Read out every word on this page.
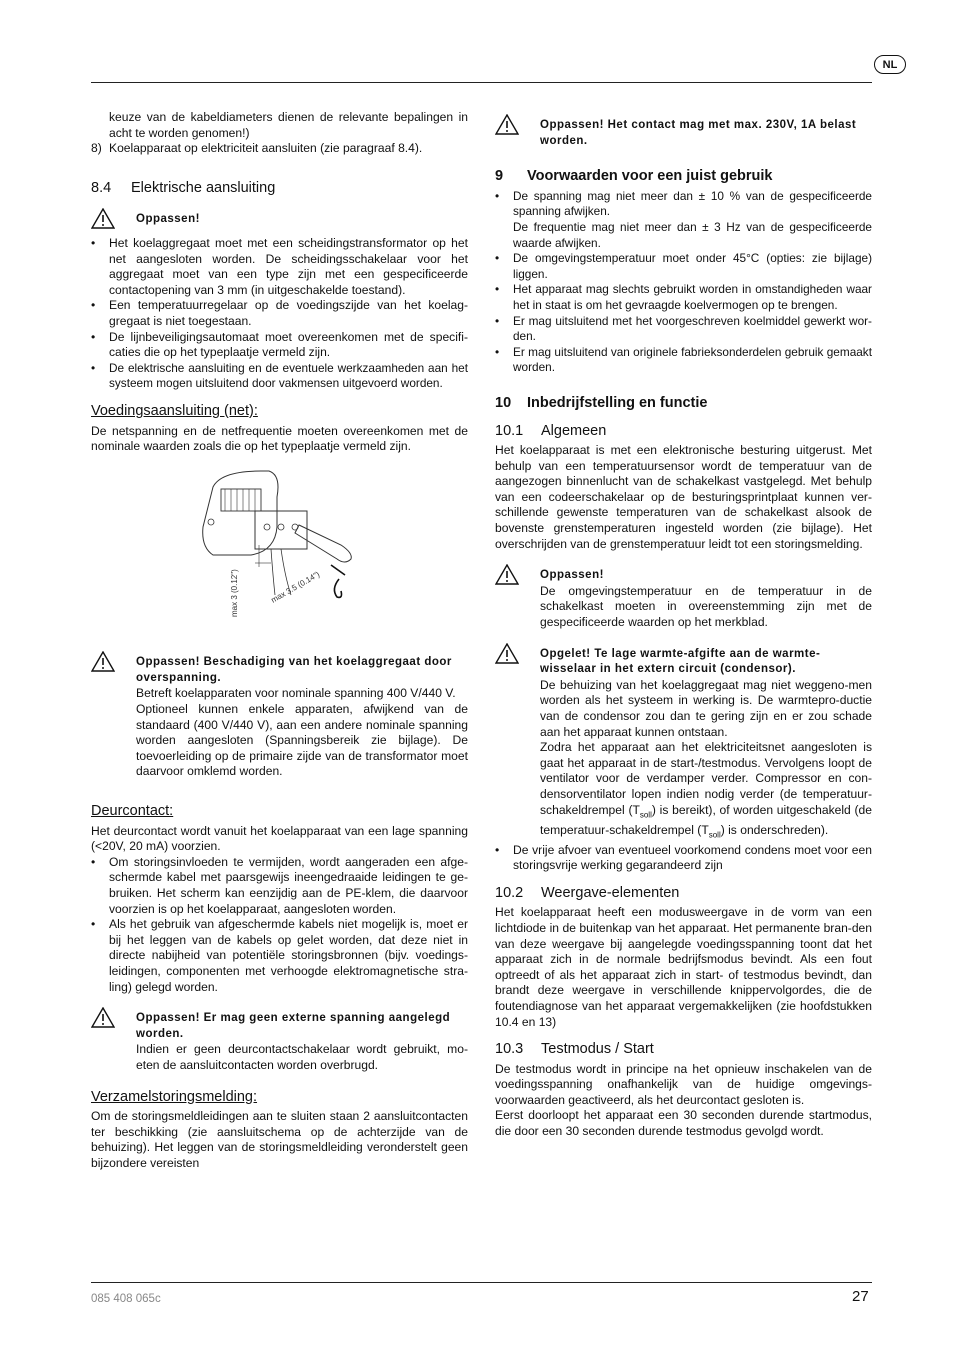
NL

keuze van de kabeldiameters dienen de relevante bepalingen in acht te worden genomen!)

8) Koelapparaat op elektriciteit aansluiten (zie paragraaf 8.4).

8.4 Elektrische aansluiting
Oppassen!
• Het koelaggregaat moet met een scheidingstransformator op het net aangesloten worden. De scheidingsschakelaar voor het aggregaat moet van een type zijn met een gespecificeerde contactopening van 3 mm (in uitgeschakelde toestand).
• Een temperatuurregelaar op de voedingszijde van het koelag-gregaat is niet toegestaan.
• De lijnbeveiligingsautomaat moet overeenkomen met de specifi-caties die op het typeplaatje vermeld zijn.
• De elektrische aansluiting en de eventuele werkzaamheden aan het systeem mogen uitsluitend door vakmensen uitgevoerd worden.
Voedingsaansluiting (net):

De netspanning en de netfrequentie moeten overeenkomen met de nominale waarden zoals die op het typeplaatje vermeld zijn.

max 3 (0.12")	max 3.5 (0.14")
Oppassen! Beschadiging van het koelaggregaat door overspanning.

Betreft koelapparaten voor nominale spanning 400 V/440 V.

Optioneel kunnen enkele apparaten, afwijkend van de standaard (400 V/440 V), aan een andere nominale spanning worden aangesloten (Spanningsbereik zie bijlage). De toevoerleiding op de primaire zijde van de transformator moet daarvoor omklemd worden.

Deurcontact:

Het deurcontact wordt vanuit het koelapparaat van een lage spanning (<20V, 20 mA) voorzien.

• Om storingsinvloeden te vermijden, wordt aangeraden een afge-schermde kabel met paarsgewijs ineengedraaide leidingen te ge-bruiken. Het scherm kan eenzijdig aan de PE-klem, die daarvoor voorzien is op het koelapparaat, aangesloten worden.
• Als het gebruik van afgeschermde kabels niet mogelijk is, moet er bij het leggen van de kabels op gelet worden, dat deze niet in directe nabijheid van potentiële storingsbronnen (bijv. voedings-leidingen, componenten met verhoogde elektromagnetische stra-ling) gelegd worden.
Oppassen! Er mag geen externe spanning aangelegd worden.

Indien er geen deurcontactschakelaar wordt gebruikt, mo-eten de aansluitcontacten worden overbrugd.

Verzamelstoringsmelding:

Om de storingsmeldleidingen aan te sluiten staan 2 aansluitcontacten ter beschikking (zie aansluitschema op de achterzijde van de behuizing). Het leggen van de storingsmeldleiding veronderstelt geen bijzondere vereisten

Oppassen! Het contact mag met max. 230V, 1A belast worden.
9 Voorwaarden voor een juist gebruik
• De spanning mag niet meer dan ± 10 % van de gespecificeerde spanning afwijken.
De frequentie mag niet meer dan ± 3 Hz van de gespecificeerde waarde afwijken.
• De omgevingstemperatuur moet onder 45°C (opties: zie bijlage) liggen.
• Het apparaat mag slechts gebruikt worden in omstandigheden waar het in staat is om het gevraagde koelvermogen op te brengen.
• Er mag uitsluitend met het voorgeschreven koelmiddel gewerkt wor-den.
• Er mag uitsluitend van originele fabrieksonderdelen gebruik gemaakt worden.
10 Inbedrijfstelling en functie
10.1 Algemeen

Het koelapparaat is met een elektronische besturing uitgerust. Met behulp van een temperatuursensor wordt de temperatuur van de aangezogen binnenlucht van de schakelkast vastgelegd. Met behulp van een codeerschakelaar op de besturingsprintplaat kunnen ver-schillende gewenste temperaturen van de schakelkast alsook de bovenste grenstemperaturen ingesteld worden (zie bijlage). Het overschrijden van de grenstemperatuur leidt tot een storingsmelding.

Oppassen!

De omgevingstemperatuur en de temperatuur in de schakelkast moeten in overeenstemming zijn met de gespecificeerde waarden op het merkblad.

Opgelet! Te lage warmte-afgifte aan de warmte-wisselaar in het extern circuit (condensor).

De behuizing van het koelaggregaat mag niet weggeno-men worden als het systeem in werking is. De warmtepro-ductie van de condensor zou dan te gering zijn en er zou schade aan het apparaat kunnen ontstaan.

Zodra het apparaat aan het elektriciteitsnet aangesloten is gaat het apparaat in de start-/testmodus. Vervolgens loopt de ventilator voor de verdamper verder. Compressor en con-densorventilator lopen indien nodig verder (de temperatuur-schakeldrempel $(T_{soll})$ is bereikt), of worden uitgeschakeld (de temperatuur-schakeldrempel $(T_{soll})$ is onderschreden).

• De vrije afvoer van eventueel voorkomend condens moet voor een storingsvrije werking gegarandeerd zijn
10.2 Weergave-elementen

Het koelapparaat heeft een modusweergave in de vorm van een lichtdiode in de buitenkap van het apparaat. Het permanente bran-den van deze weergave bij aangelegde voedingsspanning toont dat het apparaat zich in de normale bedrijfsmodus bevindt. Als een fout optreedt of als het apparaat zich in start- of testmodus bevindt, dan brandt deze weergave in verschillende knippervolgordes, die de foutendiagnose van het apparaat vergemakkelijken (zie hoofdstukken 10.4 en 13)

10.3 Testmodus / Start

De testmodus wordt in principe na het opnieuw inschakelen van de voedingsspanning onafhankelijk van de huidige omgevings-voorwaarden geactiveerd, als het deurcontact gesloten is.

Eerst doorloopt het apparaat een 30 seconden durende startmodus, die door een 30 seconden durende testmodus gevolgd wordt.

085 408 065c	27
